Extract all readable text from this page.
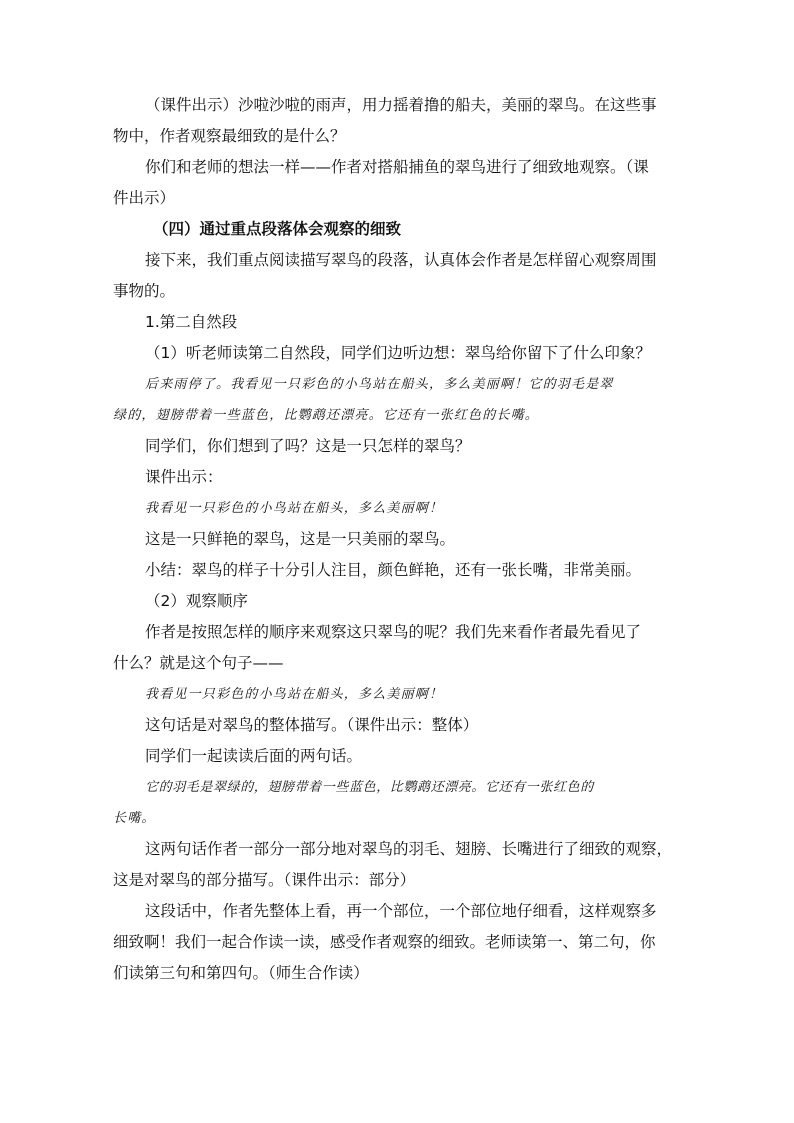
（课件出示）沙啦沙啦的雨声，用力摇着撸的船夫，美丽的翠鸟。在这些事
物中，作者观察最细致的是什么？
你们和老师的想法一样——作者对搭船捕鱼的翠鸟进行了细致地观察。（课
件出示）
（四）通过重点段落体会观察的细致
接下来，我们重点阅读描写翠鸟的段落，认真体会作者是怎样留心观察周围
事物的。
1.第二自然段
（1）听老师读第二自然段，同学们边听边想：翠鸟给你留下了什么印象？
后来雨停了。我看见一只彩色的小鸟站在船头，多么美丽啊！它的羽毛是翠
绿的，翅膀带着一些蓝色，比鹦鹉还漂亮。它还有一张红色的长嘴。
同学们，你们想到了吗？这是一只怎样的翠鸟？
课件出示：
我看见一只彩色的小鸟站在船头，多么美丽啊！
这是一只鲜艳的翠鸟，这是一只美丽的翠鸟。
小结：翠鸟的样子十分引人注目，颜色鲜艳，还有一张长嘴，非常美丽。
（2）观察顺序
作者是按照怎样的顺序来观察这只翠鸟的呢？我们先来看作者最先看见了
什么？就是这个句子——
我看见一只彩色的小鸟站在船头，多么美丽啊！
这句话是对翠鸟的整体描写。（课件出示：整体）
同学们一起读读后面的两句话。
它的羽毛是翠绿的，翅膀带着一些蓝色，比鹦鹉还漂亮。它还有一张红色的
长嘴。
这两句话作者一部分一部分地对翠鸟的羽毛、翅膀、长嘴进行了细致的观察，
这是对翠鸟的部分描写。（课件出示：部分）
这段话中，作者先整体上看，再一个部位，一个部位地仔细看，这样观察多
细致啊！我们一起合作读一读，感受作者观察的细致。老师读第一、第二句，你
们读第三句和第四句。（师生合作读）
